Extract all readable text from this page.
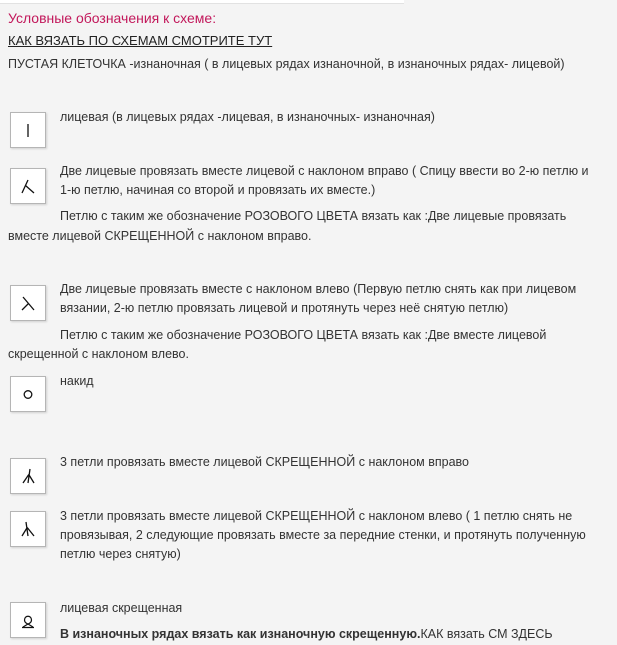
Условные обозначения к схеме:
КАК ВЯЗАТЬ ПО СХЕМАМ СМОТРИТЕ ТУТ
ПУСТАЯ КЛЕТОЧКА -изнаночная ( в лицевых рядах изнаночной, в изнаночных рядах- лицевой)
лицевая (в лицевых рядах -лицевая, в изнаночных- изнаночная)
Две лицевые провязать вместе лицевой с наклоном вправо ( Спицу ввести во 2-ю петлю и
1-ю петлю, начиная со второй и провязать их вместе.)
Петлю с таким же обозначение РОЗОВОГО ЦВЕТА вязать как :Две лицевые провязать
вместе лицевой СКРЕЩЕННОЙ с наклоном вправо.
Две лицевые провязать вместе с наклоном влево (Первую петлю снять как при лицевом
вязании, 2-ю петлю провязать лицевой и протянуть через неё снятую петлю)
Петлю с таким же обозначение РОЗОВОГО ЦВЕТА вязать как :Две вместе лицевой
скрещенной с наклоном влево.
накид
3 петли провязать вместе лицевой СКРЕЩЕННОЙ с наклоном вправо
3 петли провязать вместе лицевой СКРЕЩЕННОЙ с наклоном влево ( 1 петлю снять не
провязывая, 2 следующие провязать вместе за передние стенки, и протянуть полученную
петлю через снятую)
лицевая скрещенная
В изнаночных рядах вязать как изнаночную скрещенную.КАК вязать СМ ЗДЕСЬ
